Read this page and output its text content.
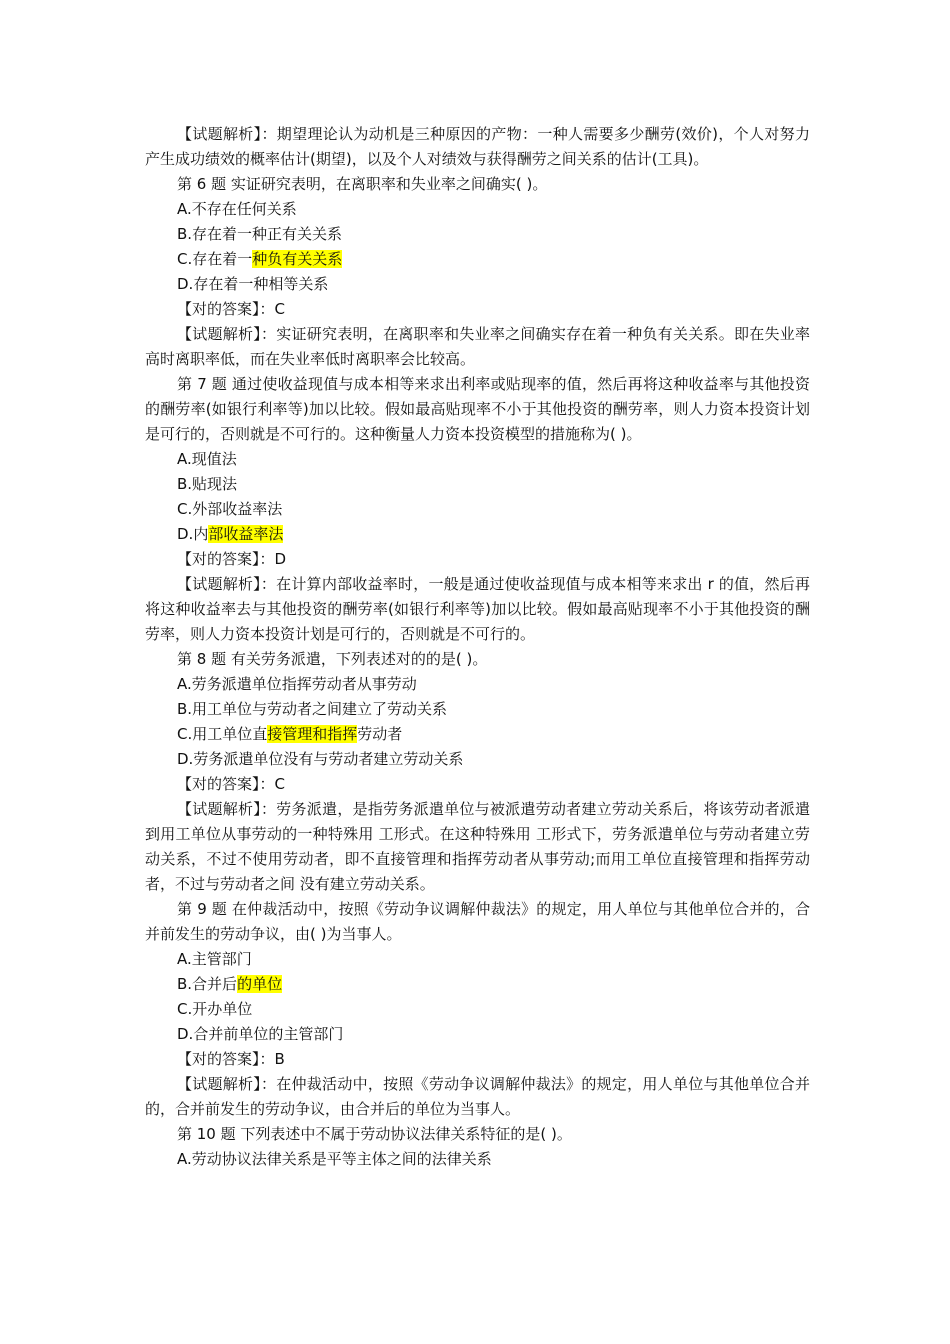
【试题解析】：期望理论认为动机是三种原因的产物：一种人需要多少酬劳(效价)，个人对努力产生成功绩效的概率估计(期望)，以及个人对绩效与获得酬劳之间关系的估计(工具)。

第 6 题 实证研究表明，在离职率和失业率之间确实( )。

A.不存在任何关系

B.存在着一种正有关关系

C.存在着一种负有关关系

D.存在着一种相等关系

【对的答案】：C

【试题解析】：实证研究表明，在离职率和失业率之间确实存在着一种负有关关系。即在失业率高时离职率低，而在失业率低时离职率会比较高。

第 7 题 通过使收益现值与成本相等来求出利率或贴现率的值，然后再将这种收益率与其他投资的酬劳率(如银行利率等)加以比较。假如最高贴现率不小于其他投资的酬劳率，则人力资本投资计划是可行的，否则就是不可行的。这种衡量人力资本投资模型的措施称为( )。

A.现值法

B.贴现法

C.外部收益率法

D.内部收益率法

【对的答案】：D

【试题解析】：在计算内部收益率时，一般是通过使收益现值与成本相等来求出 r 的值，然后再将这种收益率去与其他投资的酬劳率(如银行利率等)加以比较。假如最高贴现率不小于其他投资的酬劳率，则人力资本投资计划是可行的，否则就是不可行的。

第 8 题 有关劳务派遣，下列表述对的的是( )。

A.劳务派遣单位指挥劳动者从事劳动

B.用工单位与劳动者之间建立了劳动关系

C.用工单位直接管理和指挥劳动者

D.劳务派遣单位没有与劳动者建立劳动关系

【对的答案】：C

【试题解析】：劳务派遣，是指劳务派遣单位与被派遣劳动者建立劳动关系后，将该劳动者派遣到用工单位从事劳动的一种特殊用 工形式。在这种特殊用 工形式下，劳务派遣单位与劳动者建立劳动关系，不过不使用劳动者，即不直接管理和指挥劳动者从事劳动;而用工单位直接管理和指挥劳动者，不过与劳动者之间 没有建立劳动关系。

第 9 题 在仲裁活动中，按照《劳动争议调解仲裁法》的规定，用人单位与其他单位合并的，合并前发生的劳动争议，由( )为当事人。

A.主管部门

B.合并后的单位

C.开办单位

D.合并前单位的主管部门

【对的答案】：B

【试题解析】：在仲裁活动中，按照《劳动争议调解仲裁法》的规定，用人单位与其他单位合并的，合并前发生的劳动争议，由合并后的单位为当事人。

第 10 题 下列表述中不属于劳动协议法律关系特征的是( )。

A.劳动协议法律关系是平等主体之间的法律关系
